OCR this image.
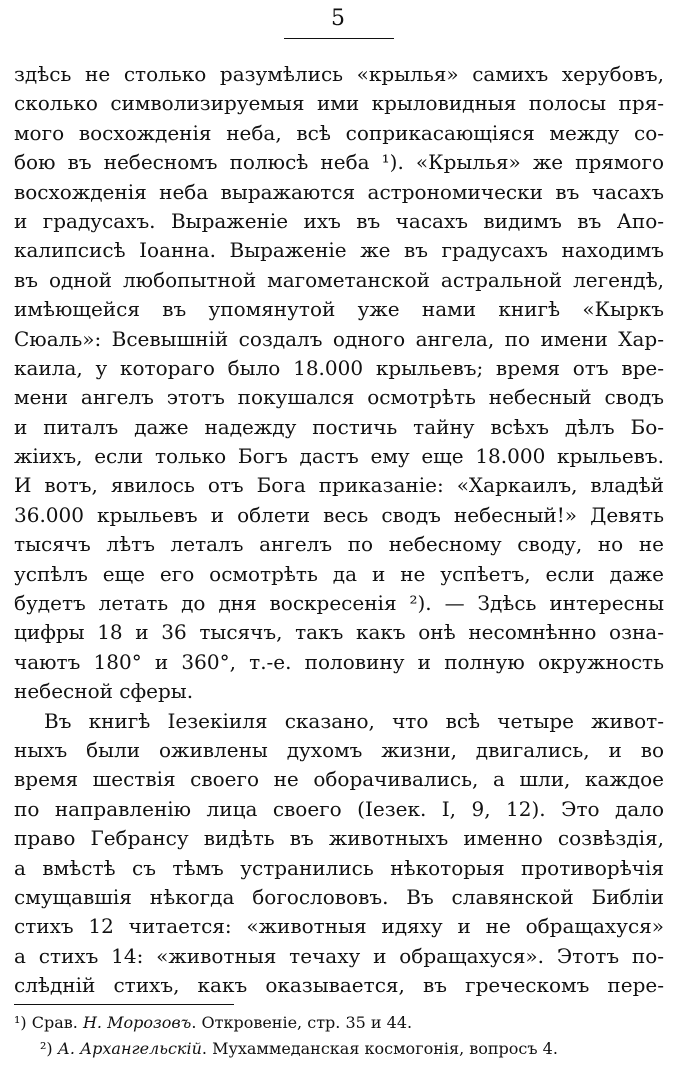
5
здѣсь не столько разумѣлись «крылья» самихъ херубовъ,
сколько символизируемыя ими крыловидныя полосы пря-
мого восхожденія неба, всѣ соприкасающіяся между со-
бою въ небесномъ полюсѣ неба ¹). «Крылья» же прямого
восхожденія неба выражаются астрономически въ часахъ
и градусахъ. Выраженіе ихъ въ часахъ видимъ въ Апо-
калипсисѣ Іоанна. Выраженіе же въ градусахъ находимъ
въ одной любопытной магометанской астральной легендѣ,
имѣющейся въ упомянутой уже нами книгѣ «Кыркъ
Сюаль»: Всевышній создалъ одного ангела, по имени Хар-
каила, у котораго было 18.000 крыльевъ; время отъ вре-
мени ангелъ этотъ покушался осмотрѣть небесный сводъ
и питалъ даже надежду постичь тайну всѣхъ дѣлъ Бо-
жіихъ, если только Богъ дастъ ему еще 18.000 крыльевъ.
И вотъ, явилось отъ Бога приказаніе: «Харкаилъ, владѣй
36.000 крыльевъ и облети весь сводъ небесный!» Девять
тысячъ лѣтъ леталъ ангелъ по небесному своду, но не
успѣлъ еще его осмотрѣть да и не успѣетъ, если даже
будетъ летать до дня воскресенія ²). — Здѣсь интересны
цифры 18 и 36 тысячъ, такъ какъ онѣ несомнѣнно озна-
чаютъ 180° и 360°, т.-е. половину и полную окружность
небесной сферы.
Въ книгѣ Іезекіиля сказано, что всѣ четыре живот-
ныхъ были оживлены духомъ жизни, двигались, и во
время шествія своего не оборачивались, а шли, каждое
по направленію лица своего (Іезек. I, 9, 12). Это дало
право Гебрансу видѣть въ животныхъ именно созвѣздія,
а вмѣстѣ съ тѣмъ устранились нѣкоторыя противорѣчія
смущавшія нѣкогда богослововъ. Въ славянской Библіи
стихъ 12 читается: «животныя идяху и не обращахуся»
а стихъ 14: «животныя течаху и обращахуся». Этотъ по-
слѣдній стихъ, какъ оказывается, въ греческомъ пере-
¹) Срав. Н. Морозовъ. Откровеніе, стр. 35 и 44.
²) А. Архангельскій. Мухаммеданская космогонія, вопросъ 4.
